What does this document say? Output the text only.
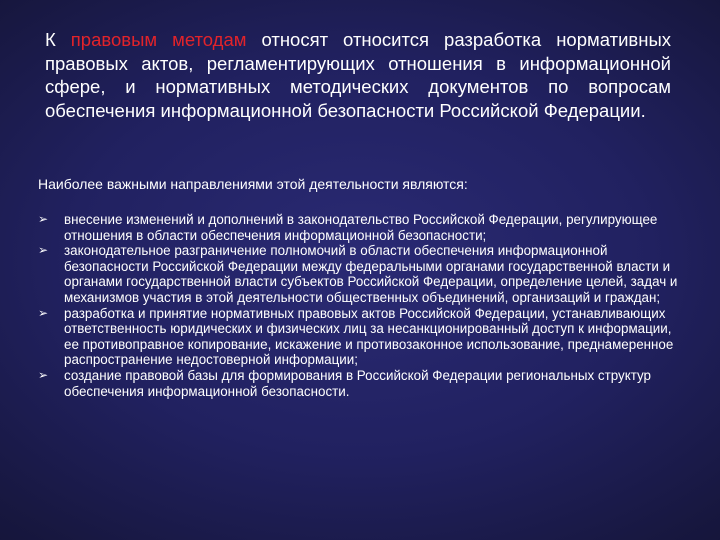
К правовым методам относят относится разработка нормативных правовых актов, регламентирующих отношения в информационной сфере, и нормативных методических документов по вопросам обеспечения информационной безопасности Российской Федерации.

Наиболее важными направлениями этой деятельности являются:

➢ внесение изменений и дополнений в законодательство Российской Федерации, регулирующее отношения в области обеспечения информационной безопасности;
➢ законодательное разграничение полномочий в области обеспечения информационной безопасности Российской Федерации между федеральными органами государственной власти и органами государственной власти субъектов Российской Федерации, определение целей, задач и механизмов участия в этой деятельности общественных объединений, организаций и граждан;
➢ разработка и принятие нормативных правовых актов Российской Федерации, устанавливающих ответственность юридических и физических лиц за несанкционированный доступ к информации, ее противоправное копирование, искажение и противозаконное использование, преднамеренное распространение недостоверной информации;
➢ создание правовой базы для формирования в Российской Федерации региональных структур обеспечения информационной безопасности.
